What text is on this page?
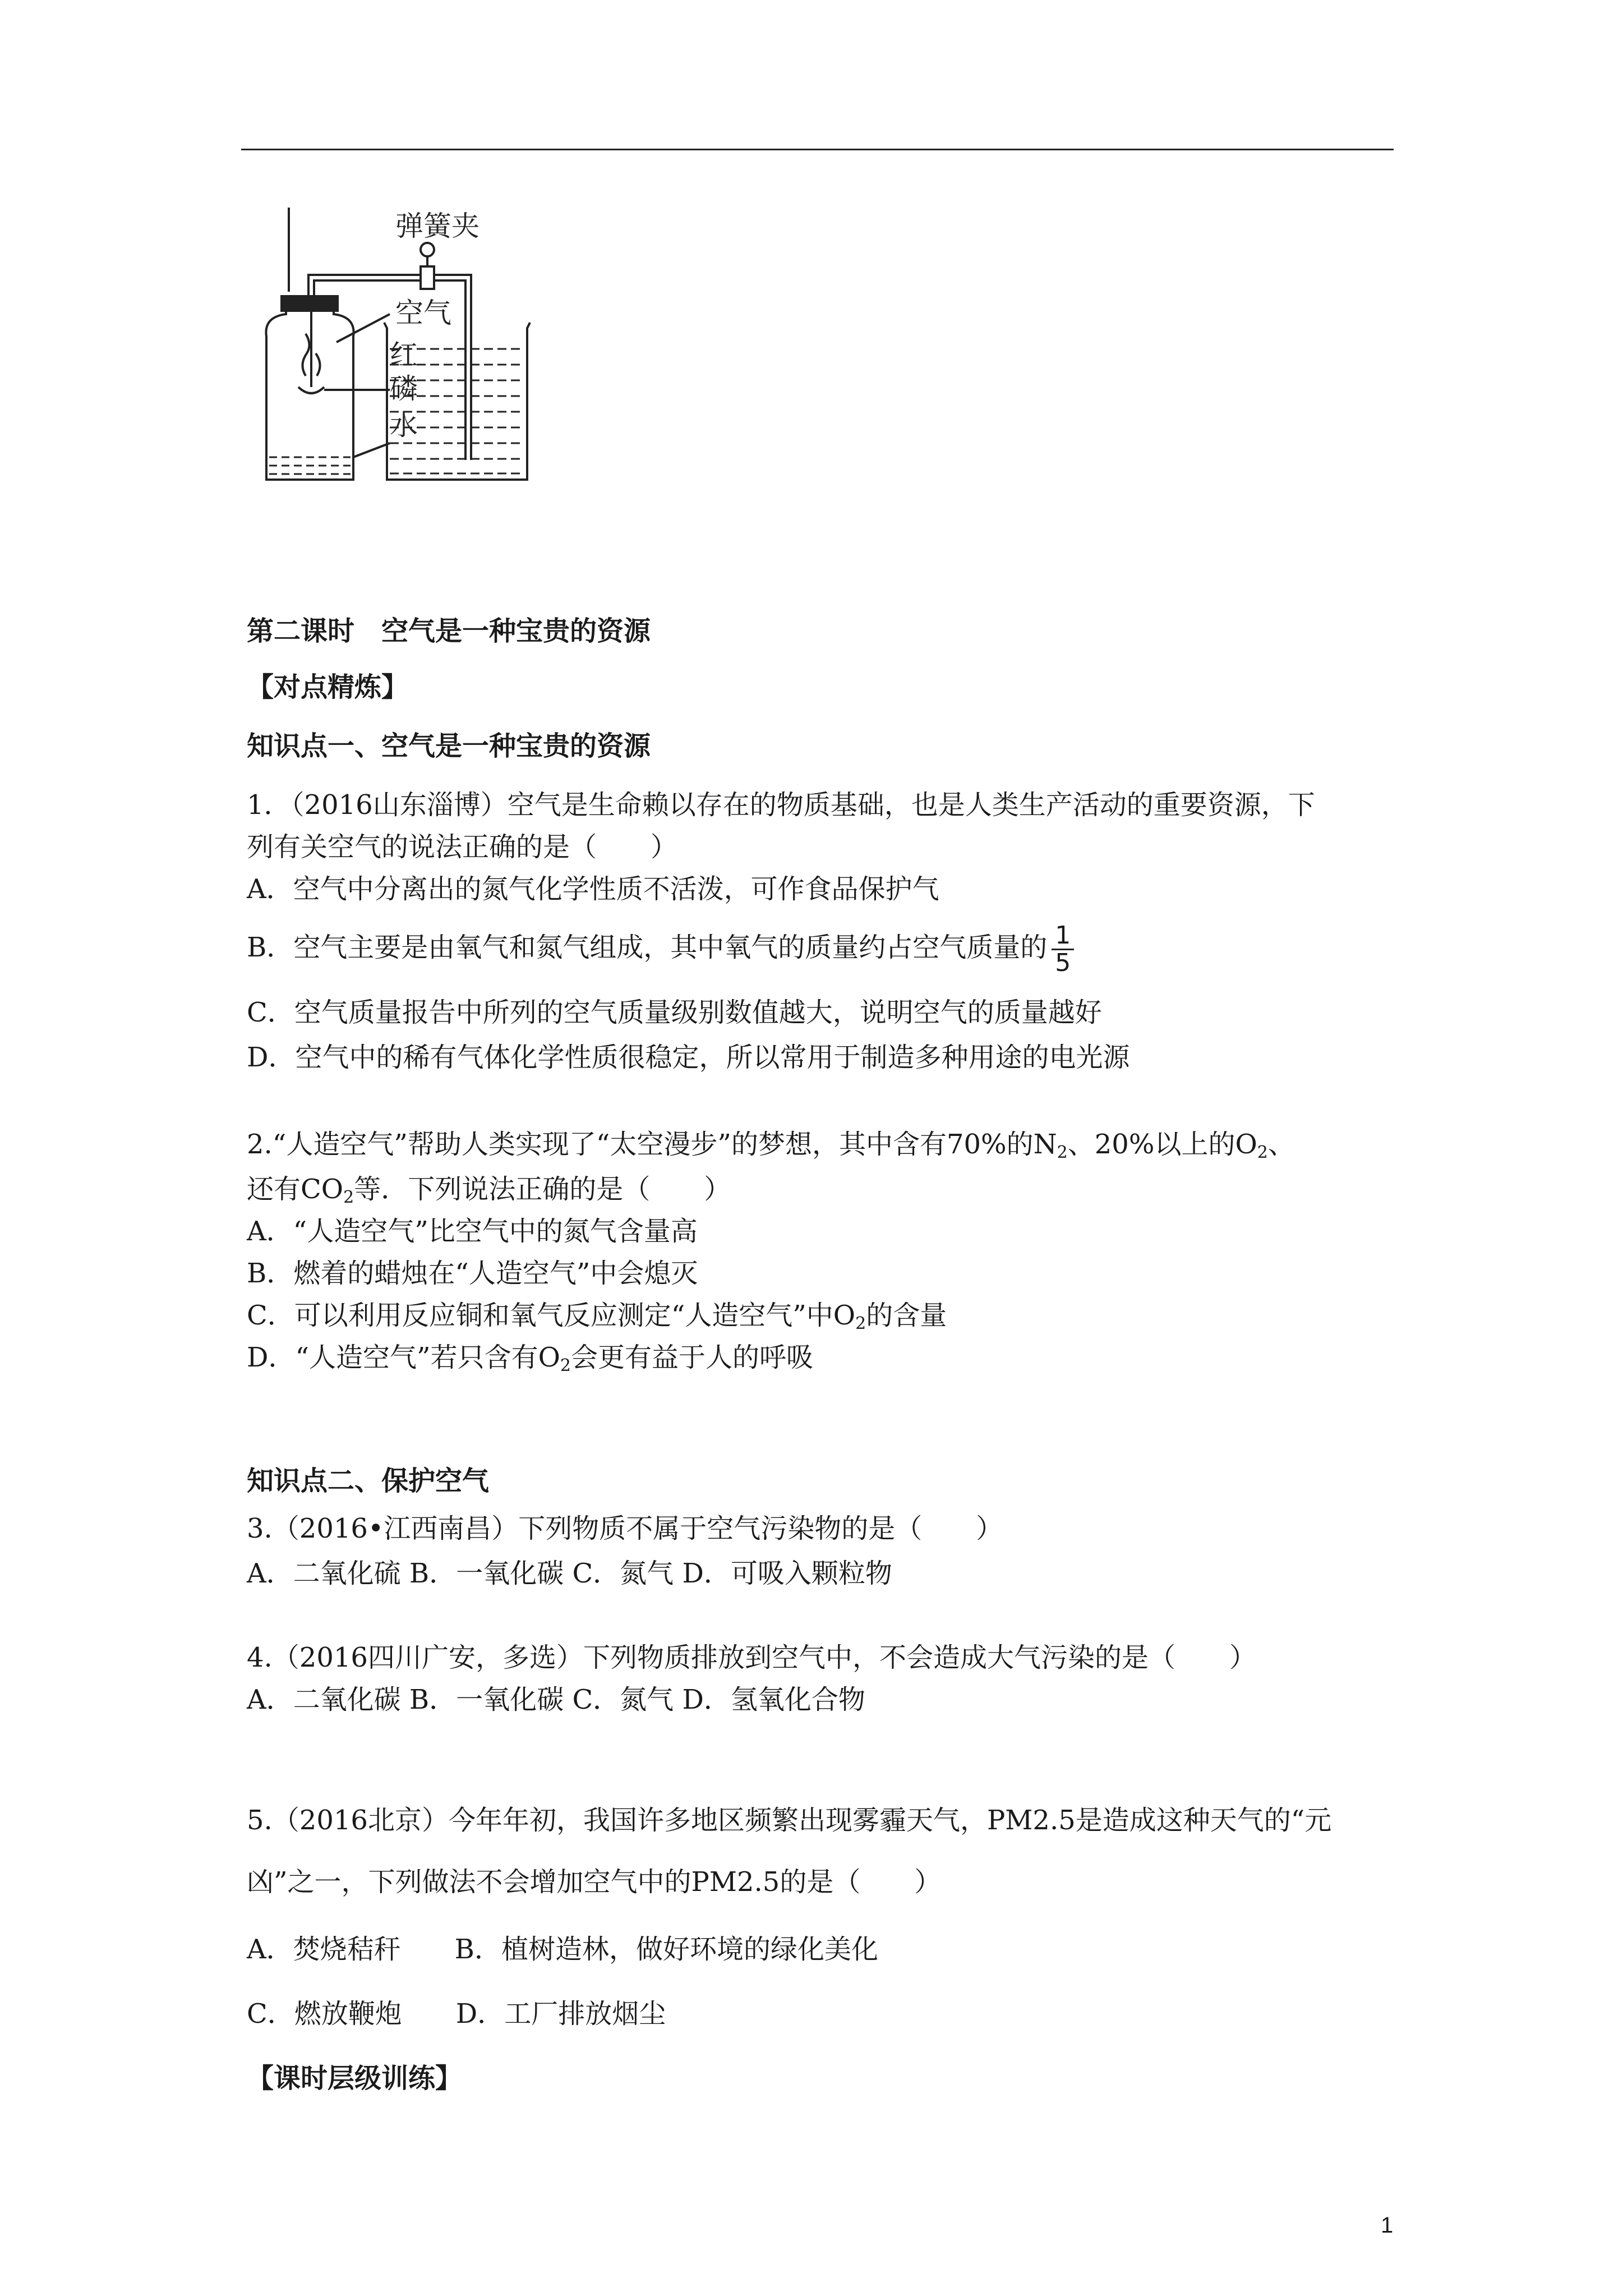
弹簧夹
空气
红
磷
水
第二课时　空气是一种宝贵的资源
【对点精炼】
知识点一、空气是一种宝贵的资源
1．（2016山东淄博）空气是生命赖以存在的物质基础，也是人类生产活动的重要资源，下
列有关空气的说法正确的是（　　）
A．空气中分离出的氮气化学性质不活泼，可作食品保护气
B．空气主要是由氧气和氮气组成，其中氧气的质量约占空气质量的 $\frac{1}{5}$
C．空气质量报告中所列的空气质量级别数值越大，说明空气的质量越好
D．空气中的稀有气体化学性质很稳定，所以常用于制造多种用途的电光源
2.“人造空气”帮助人类实现了“太空漫步”的梦想，其中含有70%的$N_2$、20%以上的$O_2$、
还有$CO_2$等．下列说法正确的是（　　）
A．“人造空气”比空气中的氮气含量高
B．燃着的蜡烛在“人造空气”中会熄灭
C．可以利用反应铜和氧气反应测定“人造空气”中$O_2$的含量
D．“人造空气”若只含有$O_2$会更有益于人的呼吸
知识点二、保护空气
3.（2016•江西南昌）下列物质不属于空气污染物的是（　　）
A．二氧化硫 B．一氧化碳 C．氮气 D．可吸入颗粒物
4.（2016四川广安，多选）下列物质排放到空气中，不会造成大气污染的是（　　）
A．二氧化碳 B．一氧化碳 C．氮气 D．氢氧化合物
5.（2016北京）今年年初，我国许多地区频繁出现雾霾天气，PM2.5是造成这种天气的“元
凶”之一，下列做法不会增加空气中的PM2.5的是（　　）
A．焚烧秸秆　　B．植树造林，做好环境的绿化美化
C．燃放鞭炮　　D．工厂排放烟尘
【课时层级训练】
1
